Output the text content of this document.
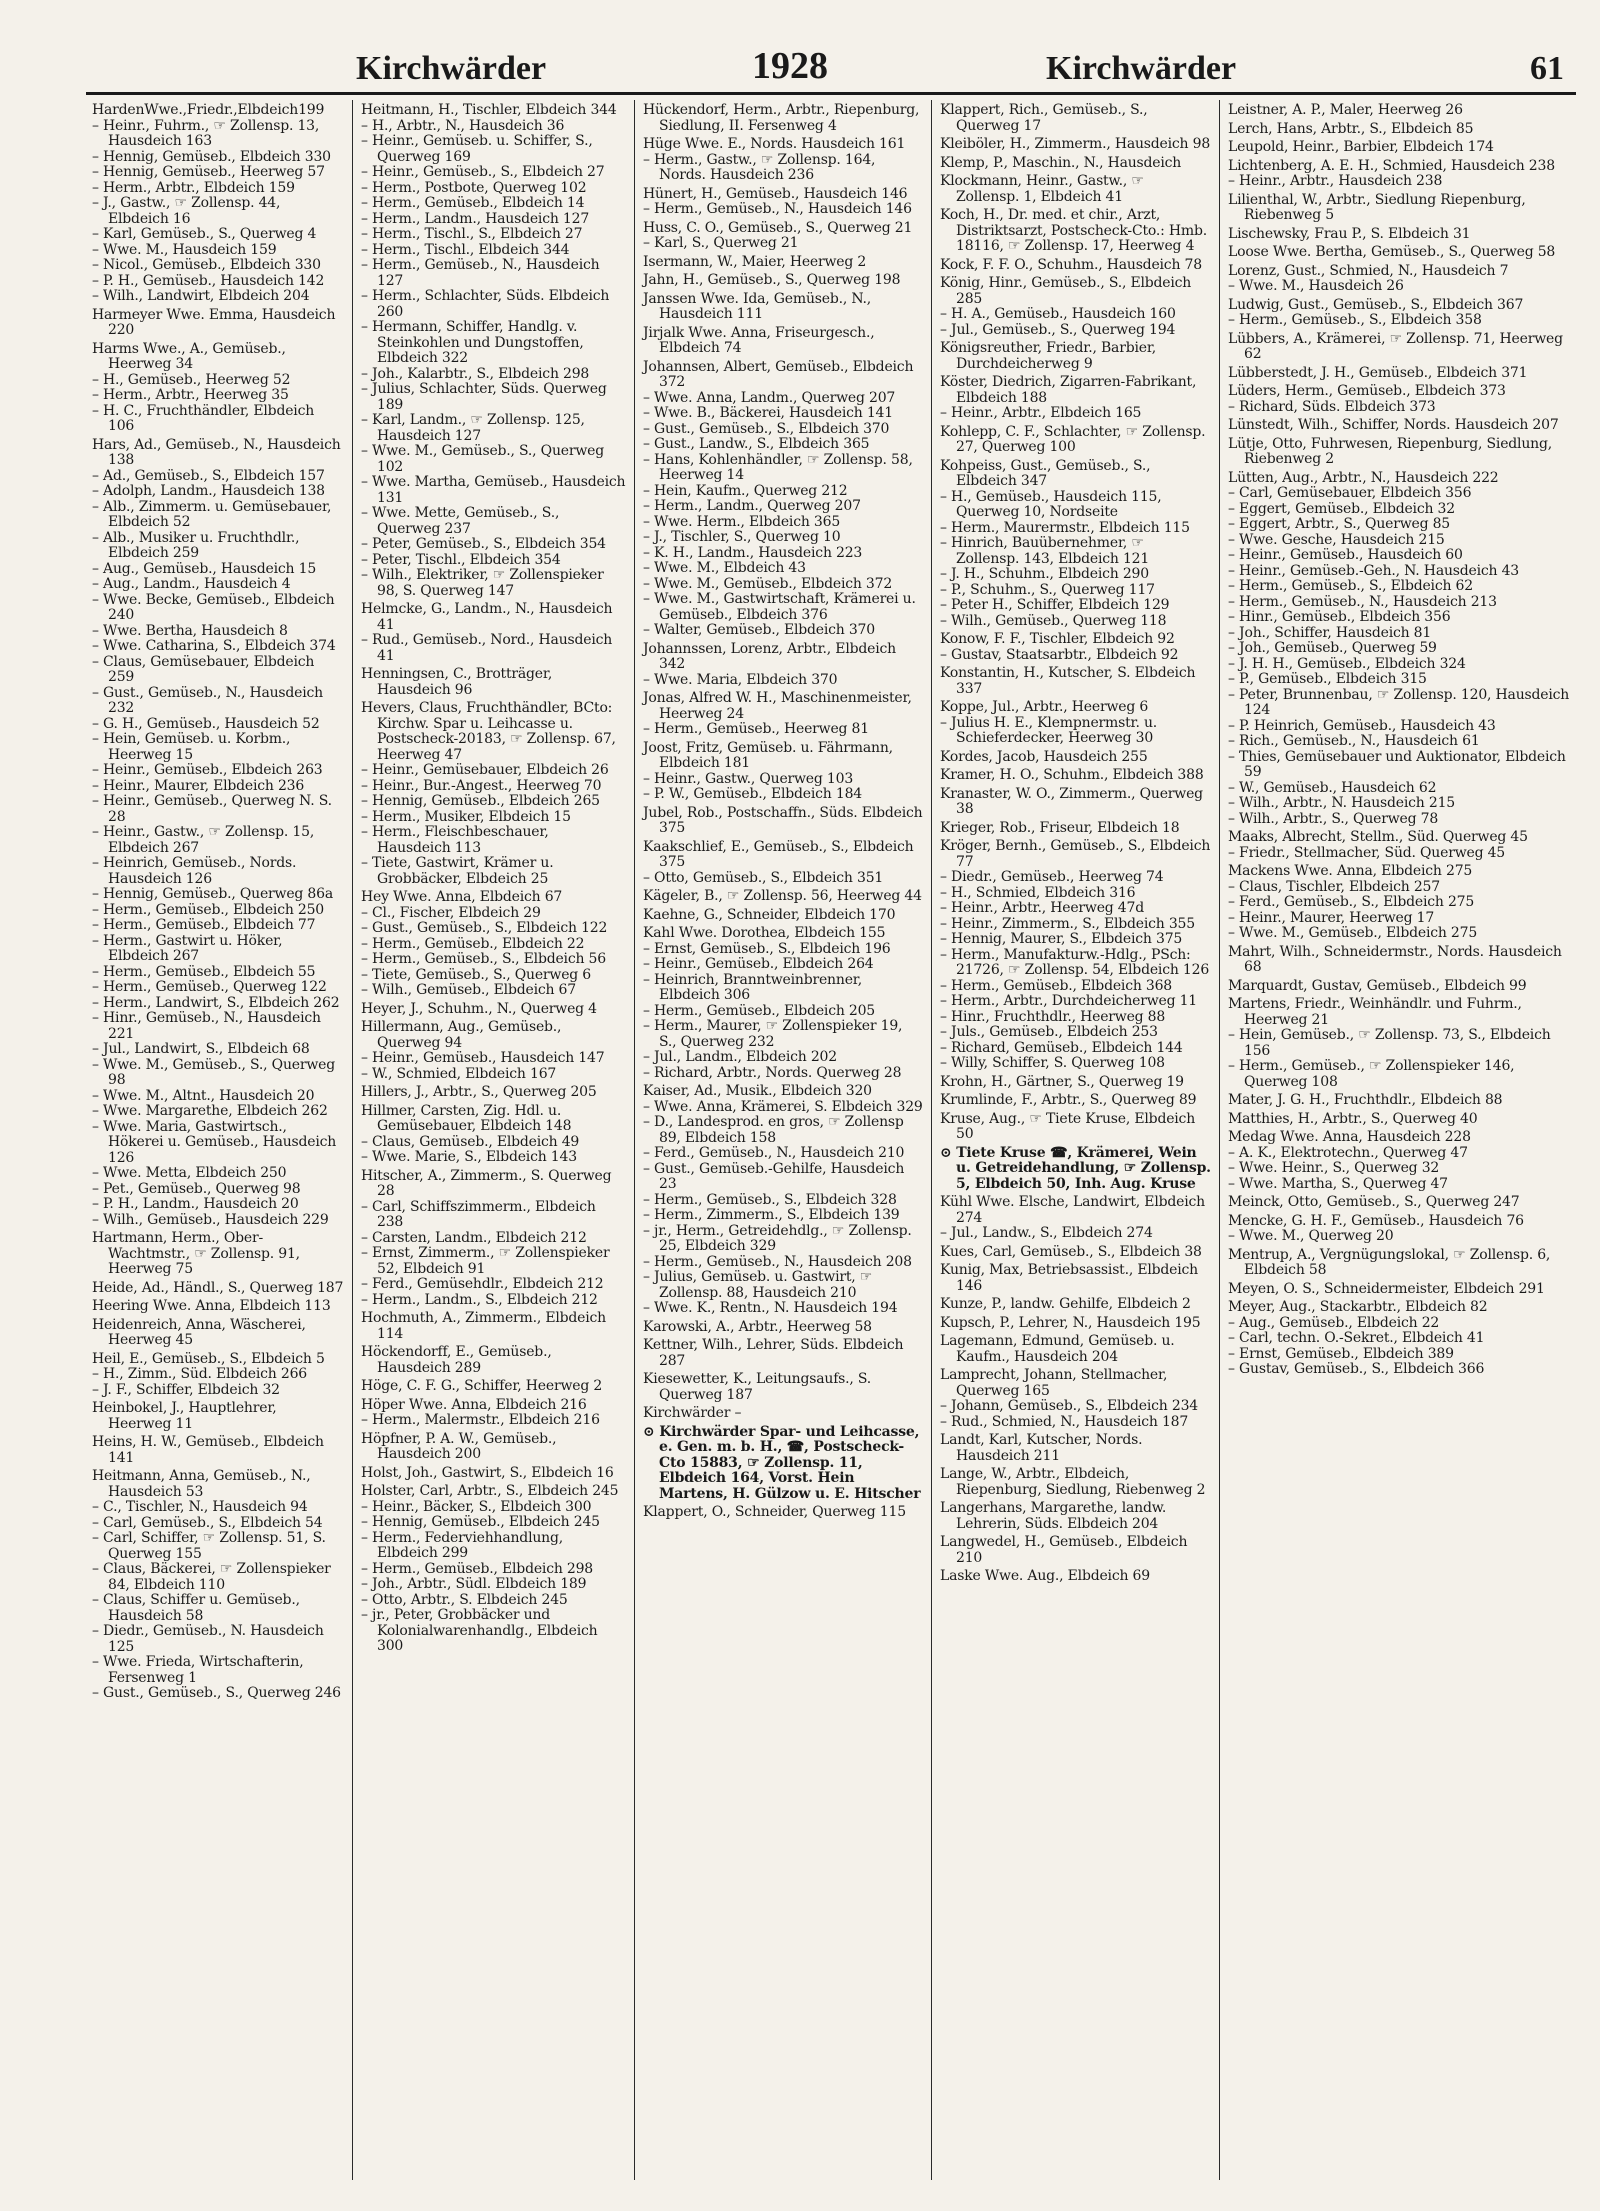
Kirchwärder	1928	Kirchwärder	61
HardenWwe.,Friedr.,Elbdeich199
– Heinr., Fuhrm., ☞ Zollensp. 13, Hausdeich 163
– Hennig, Gemüseb., Elbdeich 330
– Hennig, Gemüseb., Heerweg 57
– Herm., Arbtr., Elbdeich 159
– J., Gastw., ☞ Zollensp. 44, Elbdeich 16
– Karl, Gemüseb., S., Querweg 4
– Wwe. M., Hausdeich 159
– Nicol., Gemüseb., Elbdeich 330
– P. H., Gemüseb., Hausdeich 142
– Wilh., Landwirt, Elbdeich 204
Harmeyer Wwe. Emma, Hausdeich 220
Harms Wwe., A., Gemüseb., Heerweg 34
– H., Gemüseb., Heerweg 52
– Herm., Arbtr., Heerweg 35
– H. C., Fruchthändler, Elbdeich 106
Hars, Ad., Gemüseb., N., Hausdeich 138
– Ad., Gemüseb., S., Elbdeich 157
– Adolph, Landm., Hausdeich 138
– Alb., Zimmerm. u. Gemüsebauer, Elbdeich 52
– Alb., Musiker u. Fruchthdlr., Elbdeich 259
– Aug., Gemüseb., Hausdeich 15
– Aug., Landm., Hausdeich 4
– Wwe. Becke, Gemüseb., Elbdeich 240
– Wwe. Bertha, Hausdeich 8
– Wwe. Catharina, S., Elbdeich 374
– Claus, Gemüsebauer, Elbdeich 259
– Gust., Gemüseb., N., Hausdeich 232
– G. H., Gemüseb., Hausdeich 52
– Hein, Gemüseb. u. Korbm., Heerweg 15
– Heinr., Gemüseb., Elbdeich 263
– Heinr., Maurer, Elbdeich 236
– Heinr., Gemüseb., Querweg N. S. 28
– Heinr., Gastw., ☞ Zollensp. 15, Elbdeich 267
– Heinrich, Gemüseb., Nords. Hausdeich 126
– Hennig, Gemüseb., Querweg 86a
– Herm., Gemüseb., Elbdeich 250
– Herm., Gemüseb., Elbdeich 77
– Herm., Gastwirt u. Höker, Elbdeich 267
– Herm., Gemüseb., Elbdeich 55
– Herm., Gemüseb., Querweg 122
– Herm., Landwirt, S., Elbdeich 262
– Hinr., Gemüseb., N., Hausdeich 221
– Jul., Landwirt, S., Elbdeich 68
– Wwe. M., Gemüseb., S., Querweg 98
– Wwe. M., Altnt., Hausdeich 20
– Wwe. Margarethe, Elbdeich 262
– Wwe. Maria, Gastwirtsch., Hökerei u. Gemüseb., Hausdeich 126
– Wwe. Metta, Elbdeich 250
– Pet., Gemüseb., Querweg 98
– P. H., Landm., Hausdeich 20
– Wilh., Gemüseb., Hausdeich 229
Hartmann, Herm., Ober-Wachtmstr., ☞ Zollensp. 91, Heerweg 75
Heide, Ad., Händl., S., Querweg 187
Heering Wwe. Anna, Elbdeich 113
Heidenreich, Anna, Wäscherei, Heerweg 45
Heil, E., Gemüseb., S., Elbdeich 5
– H., Zimm., Süd. Elbdeich 266
– J. F., Schiffer, Elbdeich 32
Heinbokel, J., Hauptlehrer, Heerweg 11
Heins, H. W., Gemüseb., Elbdeich 141
Heitmann, Anna, Gemüseb., N., Hausdeich 53
– C., Tischler, N., Hausdeich 94
– Carl, Gemüseb., S., Elbdeich 54
– Carl, Schiffer, ☞ Zollensp. 51, S. Querweg 155
– Claus, Bäckerei, ☞ Zollenspieker 84, Elbdeich 110
– Claus, Schiffer u. Gemüseb., Hausdeich 58
– Diedr., Gemüseb., N. Hausdeich 125
– Wwe. Frieda, Wirtschafterin, Fersenweg 1
– Gust., Gemüseb., S., Querweg 246
Heitmann, H., Tischler, Elbdeich 344
– H., Arbtr., N., Hausdeich 36
– Heinr., Gemüseb. u. Schiffer, S., Querweg 169
– Heinr., Gemüseb., S., Elbdeich 27
– Herm., Postbote, Querweg 102
– Herm., Gemüseb., Elbdeich 14
– Herm., Landm., Hausdeich 127
– Herm., Tischl., S., Elbdeich 27
– Herm., Tischl., Elbdeich 344
– Herm., Gemüseb., N., Hausdeich 127
– Herm., Schlachter, Süds. Elbdeich 260
– Hermann, Schiffer, Handlg. v. Steinkohlen und Dungstoffen, Elbdeich 322
– Joh., Kalarbtr., S., Elbdeich 298
– Julius, Schlachter, Süds. Querweg 189
– Karl, Landm., ☞ Zollensp. 125, Hausdeich 127
– Wwe. M., Gemüseb., S., Querweg 102
– Wwe. Martha, Gemüseb., Hausdeich 131
– Wwe. Mette, Gemüseb., S., Querweg 237
– Peter, Gemüseb., S., Elbdeich 354
– Peter, Tischl., Elbdeich 354
– Wilh., Elektriker, ☞ Zollenspieker 98, S. Querweg 147
Helmcke, G., Landm., N., Hausdeich 41
– Rud., Gemüseb., Nord., Hausdeich 41
Henningsen, C., Brotträger, Hausdeich 96
Hevers, Claus, Fruchthändler, BCto: Kirchw. Spar u. Leihcasse u. Postscheck-20183, ☞ Zollensp. 67, Heerweg 47
– Heinr., Gemüsebauer, Elbdeich 26
– Heinr., Bur.-Angest., Heerweg 70
– Hennig, Gemüseb., Elbdeich 265
– Herm., Musiker, Elbdeich 15
– Herm., Fleischbeschauer, Hausdeich 113
– Tiete, Gastwirt, Krämer u. Grobbäcker, Elbdeich 25
Hey Wwe. Anna, Elbdeich 67
– Cl., Fischer, Elbdeich 29
– Gust., Gemüseb., S., Elbdeich 122
– Herm., Gemüseb., Elbdeich 22
– Herm., Gemüseb., S., Elbdeich 56
– Tiete, Gemüseb., S., Querweg 6
– Wilh., Gemüseb., Elbdeich 67
Heyer, J., Schuhm., N., Querweg 4
Hillermann, Aug., Gemüseb., Querweg 94
– Heinr., Gemüseb., Hausdeich 147
– W., Schmied, Elbdeich 167
Hillers, J., Arbtr., S., Querweg 205
Hillmer, Carsten, Zig. Hdl. u. Gemüsebauer, Elbdeich 148
– Claus, Gemüseb., Elbdeich 49
– Wwe. Marie, S., Elbdeich 143
Hitscher, A., Zimmerm., S. Querweg 28
– Carl, Schiffszimmerm., Elbdeich 238
– Carsten, Landm., Elbdeich 212
– Ernst, Zimmerm., ☞ Zollenspieker 52, Elbdeich 91
– Ferd., Gemüsehdlr., Elbdeich 212
– Herm., Landm., S., Elbdeich 212
Hochmuth, A., Zimmerm., Elbdeich 114
Höckendorff, E., Gemüseb., Hausdeich 289
Höge, C. F. G., Schiffer, Heerweg 2
Höper Wwe. Anna, Elbdeich 216
– Herm., Malermstr., Elbdeich 216
Höpfner, P. A. W., Gemüseb., Hausdeich 200
Holst, Joh., Gastwirt, S., Elbdeich 16
Holster, Carl, Arbtr., S., Elbdeich 245
– Heinr., Bäcker, S., Elbdeich 300
– Hennig, Gemüseb., Elbdeich 245
– Herm., Federviehhandlung, Elbdeich 299
– Herm., Gemüseb., Elbdeich 298
– Joh., Arbtr., Südl. Elbdeich 189
– Otto, Arbtr., S. Elbdeich 245
– jr., Peter, Grobbäcker und Kolonialwarenhandlg., Elbdeich 300
Hückendorf, Herm., Arbtr., Riepenburg, Siedlung, II. Fersenweg 4
Hüge Wwe. E., Nords. Hausdeich 161
– Herm., Gastw., ☞ Zollensp. 164, Nords. Hausdeich 236
Hünert, H., Gemüseb., Hausdeich 146
– Herm., Gemüseb., N., Hausdeich 146
Huss, C. O., Gemüseb., S., Querweg 21
– Karl, S., Querweg 21
Isermann, W., Maier, Heerweg 2
Jahn, H., Gemüseb., S., Querweg 198
Janssen Wwe. Ida, Gemüseb., N., Hausdeich 111
Jirjalk Wwe. Anna, Friseurgesch., Elbdeich 74
Johannsen, Albert, Gemüseb., Elbdeich 372
– Wwe. Anna, Landm., Querweg 207
– Wwe. B., Bäckerei, Hausdeich 141
– Gust., Gemüseb., S., Elbdeich 370
– Gust., Landw., S., Elbdeich 365
– Hans, Kohlenhändler, ☞ Zollensp. 58, Heerweg 14
– Hein, Kaufm., Querweg 212
– Herm., Landm., Querweg 207
– Wwe. Herm., Elbdeich 365
– J., Tischler, S., Querweg 10
– K. H., Landm., Hausdeich 223
– Wwe. M., Elbdeich 43
– Wwe. M., Gemüseb., Elbdeich 372
– Wwe. M., Gastwirtschaft, Krämerei u. Gemüseb., Elbdeich 376
– Walter, Gemüseb., Elbdeich 370
Johannssen, Lorenz, Arbtr., Elbdeich 342
– Wwe. Maria, Elbdeich 370
Jonas, Alfred W. H., Maschinenmeister, Heerweg 24
– Herm., Gemüseb., Heerweg 81
Joost, Fritz, Gemüseb. u. Fährmann, Elbdeich 181
– Heinr., Gastw., Querweg 103
– P. W., Gemüseb., Elbdeich 184
Jubel, Rob., Postschaffn., Süds. Elbdeich 375
Kaakschlief, E., Gemüseb., S., Elbdeich 375
– Otto, Gemüseb., S., Elbdeich 351
Kägeler, B., ☞ Zollensp. 56, Heerweg 44
Kaehne, G., Schneider, Elbdeich 170
Kahl Wwe. Dorothea, Elbdeich 155
– Ernst, Gemüseb., S., Elbdeich 196
– Heinr., Gemüseb., Elbdeich 264
– Heinrich, Branntweinbrenner, Elbdeich 306
– Herm., Gemüseb., Elbdeich 205
– Herm., Maurer, ☞ Zollenspieker 19, S., Querweg 232
– Jul., Landm., Elbdeich 202
– Richard, Arbtr., Nords. Querweg 28
Kaiser, Ad., Musik., Elbdeich 320
– Wwe. Anna, Krämerei, S. Elbdeich 329
– D., Landesprod. en gros, ☞ Zollensp 89, Elbdeich 158
– Ferd., Gemüseb., N., Hausdeich 210
– Gust., Gemüseb.-Gehilfe, Hausdeich 23
– Herm., Gemüseb., S., Elbdeich 328
– Herm., Zimmerm., S., Elbdeich 139
– jr., Herm., Getreidehdlg., ☞ Zollensp. 25, Elbdeich 329
– Herm., Gemüseb., N., Hausdeich 208
– Julius, Gemüseb. u. Gastwirt, ☞ Zollensp. 88, Hausdeich 210
– Wwe. K., Rentn., N. Hausdeich 194
Karowski, A., Arbtr., Heerweg 58
Kettner, Wilh., Lehrer, Süds. Elbdeich 287
Kiesewetter, K., Leitungsaufs., S. Querweg 187
Kirchwärder –
⊙ Kirchwärder Spar- und Leihcasse, e. Gen. m. b. H., ☎, Postscheck-Cto 15883, ☞ Zollensp. 11, Elbdeich 164, Vorst. Hein Martens, H. Gülzow u. E. Hitscher
Klappert, O., Schneider, Querweg 115
Klappert, Rich., Gemüseb., S., Querweg 17
Kleiböler, H., Zimmerm., Hausdeich 98
Klemp, P., Maschin., N., Hausdeich
Klockmann, Heinr., Gastw., ☞ Zollensp. 1, Elbdeich 41
Koch, H., Dr. med. et chir., Arzt, Distriktsarzt, Postscheck-Cto.: Hmb. 18116, ☞ Zollensp. 17, Heerweg 4
Kock, F. F. O., Schuhm., Hausdeich 78
König, Hinr., Gemüseb., S., Elbdeich 285
– H. A., Gemüseb., Hausdeich 160
– Jul., Gemüseb., S., Querweg 194
Königsreuther, Friedr., Barbier, Durchdeicherweg 9
Köster, Diedrich, Zigarren-Fabrikant, Elbdeich 188
– Heinr., Arbtr., Elbdeich 165
Kohlepp, C. F., Schlachter, ☞ Zollensp. 27, Querweg 100
Kohpeiss, Gust., Gemüseb., S., Elbdeich 347
– H., Gemüseb., Hausdeich 115, Querweg 10, Nordseite
– Herm., Maurermstr., Elbdeich 115
– Hinrich, Bauübernehmer, ☞ Zollensp. 143, Elbdeich 121
– J. H., Schuhm., Elbdeich 290
– P., Schuhm., S., Querweg 117
– Peter H., Schiffer, Elbdeich 129
– Wilh., Gemüseb., Querweg 118
Konow, F. F., Tischler, Elbdeich 92
– Gustav, Staatsarbtr., Elbdeich 92
Konstantin, H., Kutscher, S. Elbdeich 337
Koppe, Jul., Arbtr., Heerweg 6
– Julius H. E., Klempnermstr. u. Schieferdecker, Heerweg 30
Kordes, Jacob, Hausdeich 255
Kramer, H. O., Schuhm., Elbdeich 388
Kranaster, W. O., Zimmerm., Querweg 38
Krieger, Rob., Friseur, Elbdeich 18
Kröger, Bernh., Gemüseb., S., Elbdeich 77
– Diedr., Gemüseb., Heerweg 74
– H., Schmied, Elbdeich 316
– Heinr., Arbtr., Heerweg 47d
– Heinr., Zimmerm., S., Elbdeich 355
– Hennig, Maurer, S., Elbdeich 375
– Herm., Manufakturw.-Hdlg., PSch: 21726, ☞ Zollensp. 54, Elbdeich 126
– Herm., Gemüseb., Elbdeich 368
– Herm., Arbtr., Durchdeicherweg 11
– Hinr., Fruchthdlr., Heerweg 88
– Juls., Gemüseb., Elbdeich 253
– Richard, Gemüseb., Elbdeich 144
– Willy, Schiffer, S. Querweg 108
Krohn, H., Gärtner, S., Querweg 19
Krumlinde, F., Arbtr., S., Querweg 89
Kruse, Aug., ☞ Tiete Kruse, Elbdeich 50
⊙ Tiete Kruse ☎, Krämerei, Wein u. Getreidehandlung, ☞ Zollensp. 5, Elbdeich 50, Inh. Aug. Kruse
Kühl Wwe. Elsche, Landwirt, Elbdeich 274
– Jul., Landw., S., Elbdeich 274
Kues, Carl, Gemüseb., S., Elbdeich 38
Kunig, Max, Betriebsassist., Elbdeich 146
Kunze, P., landw. Gehilfe, Elbdeich 2
Kupsch, P., Lehrer, N., Hausdeich 195
Lagemann, Edmund, Gemüseb. u. Kaufm., Hausdeich 204
Lamprecht, Johann, Stellmacher, Querweg 165
– Johann, Gemüseb., S., Elbdeich 234
– Rud., Schmied, N., Hausdeich 187
Landt, Karl, Kutscher, Nords. Hausdeich 211
Lange, W., Arbtr., Elbdeich, Riepenburg, Siedlung, Riebenweg 2
Langerhans, Margarethe, landw. Lehrerin, Süds. Elbdeich 204
Langwedel, H., Gemüseb., Elbdeich 210
Laske Wwe. Aug., Elbdeich 69
Leistner, A. P., Maler, Heerweg 26
Lerch, Hans, Arbtr., S., Elbdeich 85
Leupold, Heinr., Barbier, Elbdeich 174
Lichtenberg, A. E. H., Schmied, Hausdeich 238
– Heinr., Arbtr., Hausdeich 238
Lilienthal, W., Arbtr., Siedlung Riepenburg, Riebenweg 5
Lischewsky, Frau P., S. Elbdeich 31
Loose Wwe. Bertha, Gemüseb., S., Querweg 58
Lorenz, Gust., Schmied, N., Hausdeich 7
– Wwe. M., Hausdeich 26
Ludwig, Gust., Gemüseb., S., Elbdeich 367
– Herm., Gemüseb., S., Elbdeich 358
Lübbers, A., Krämerei, ☞ Zollensp. 71, Heerweg 62
Lübberstedt, J. H., Gemüseb., Elbdeich 371
Lüders, Herm., Gemüseb., Elbdeich 373
– Richard, Süds. Elbdeich 373
Lünstedt, Wilh., Schiffer, Nords. Hausdeich 207
Lütje, Otto, Fuhrwesen, Riepenburg, Siedlung, Riebenweg 2
Lütten, Aug., Arbtr., N., Hausdeich 222
– Carl, Gemüsebauer, Elbdeich 356
– Eggert, Gemüseb., Elbdeich 32
– Eggert, Arbtr., S., Querweg 85
– Wwe. Gesche, Hausdeich 215
– Heinr., Gemüseb., Hausdeich 60
– Heinr., Gemüseb.-Geh., N. Hausdeich 43
– Herm., Gemüseb., S., Elbdeich 62
– Herm., Gemüseb., N., Hausdeich 213
– Hinr., Gemüseb., Elbdeich 356
– Joh., Schiffer, Hausdeich 81
– Joh., Gemüseb., Querweg 59
– J. H. H., Gemüseb., Elbdeich 324
– P., Gemüseb., Elbdeich 315
– Peter, Brunnenbau, ☞ Zollensp. 120, Hausdeich 124
– P. Heinrich, Gemüseb., Hausdeich 43
– Rich., Gemüseb., N., Hausdeich 61
– Thies, Gemüsebauer und Auktionator, Elbdeich 59
– W., Gemüseb., Hausdeich 62
– Wilh., Arbtr., N. Hausdeich 215
– Wilh., Arbtr., S., Querweg 78
Maaks, Albrecht, Stellm., Süd. Querweg 45
– Friedr., Stellmacher, Süd. Querweg 45
Mackens Wwe. Anna, Elbdeich 275
– Claus, Tischler, Elbdeich 257
– Ferd., Gemüseb., S., Elbdeich 275
– Heinr., Maurer, Heerweg 17
– Wwe. M., Gemüseb., Elbdeich 275
Mahrt, Wilh., Schneidermstr., Nords. Hausdeich 68
Marquardt, Gustav, Gemüseb., Elbdeich 99
Martens, Friedr., Weinhändlr. und Fuhrm., Heerweg 21
– Hein, Gemüseb., ☞ Zollensp. 73, S., Elbdeich 156
– Herm., Gemüseb., ☞ Zollenspieker 146, Querweg 108
Mater, J. G. H., Fruchthdlr., Elbdeich 88
Matthies, H., Arbtr., S., Querweg 40
Medag Wwe. Anna, Hausdeich 228
– A. K., Elektrotechn., Querweg 47
– Wwe. Heinr., S., Querweg 32
– Wwe. Martha, S., Querweg 47
Meinck, Otto, Gemüseb., S., Querweg 247
Mencke, G. H. F., Gemüseb., Hausdeich 76
– Wwe. M., Querweg 20
Mentrup, A., Vergnügungslokal, ☞ Zollensp. 6, Elbdeich 58
Meyen, O. S., Schneidermeister, Elbdeich 291
Meyer, Aug., Stackarbtr., Elbdeich 82
– Aug., Gemüseb., Elbdeich 22
– Carl, techn. O.-Sekret., Elbdeich 41
– Ernst, Gemüseb., Elbdeich 389
– Gustav, Gemüseb., S., Elbdeich 366
